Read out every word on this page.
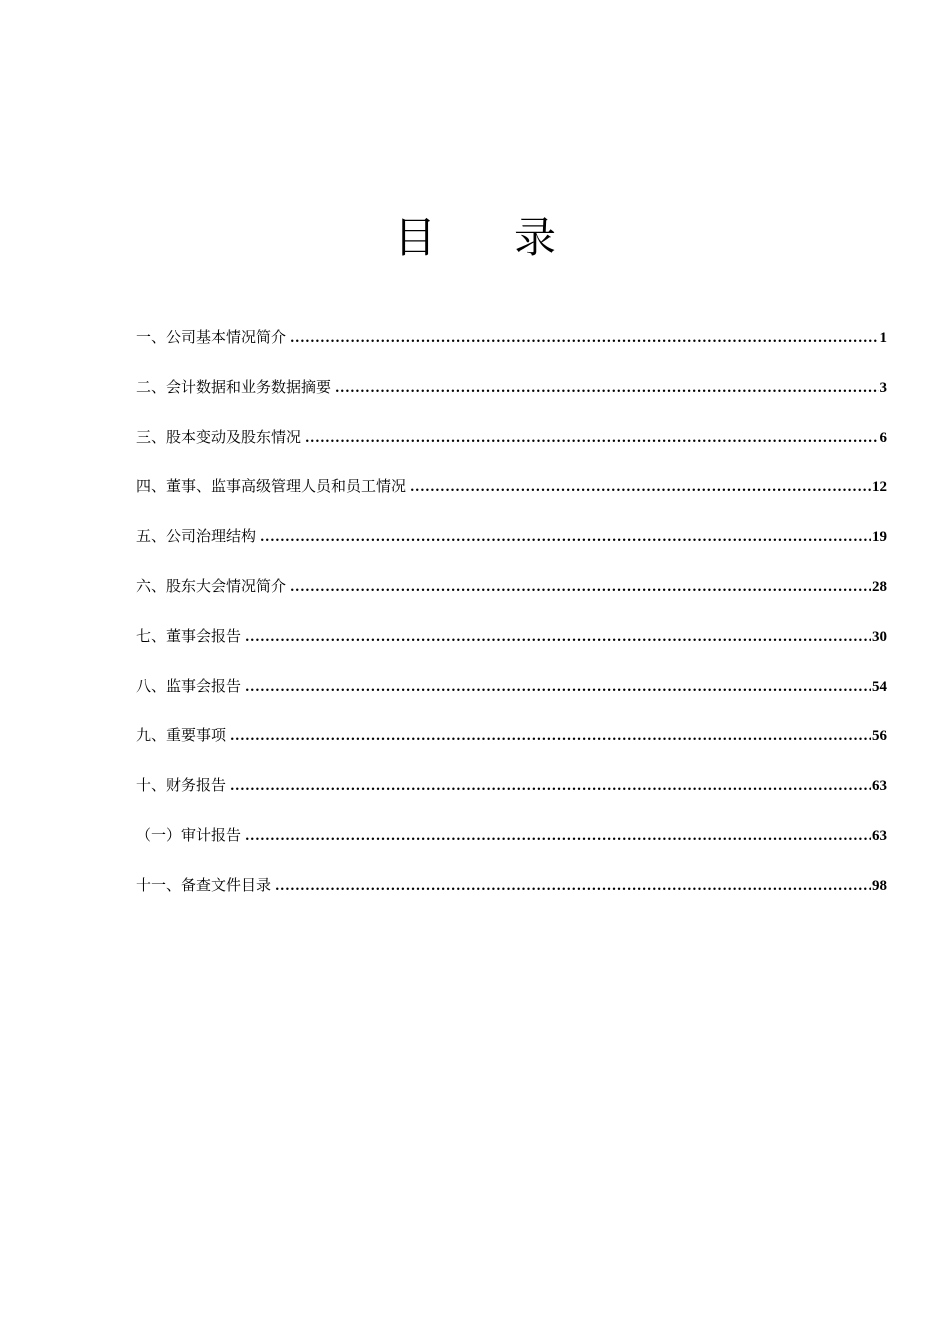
目 录
一、公司基本情况简介 .....	1
二、会计数据和业务数据摘要 .....	3
三、股本变动及股东情况 .....	6
四、董事、监事高级管理人员和员工情况 .....	12
五、公司治理结构 .....	19
六、股东大会情况简介 .....	28
七、董事会报告 .....	30
八、监事会报告 .....	54
九、重要事项 .....	56
十、财务报告 .....	63
（一）审计报告 .....	63
十一、备查文件目录 .....	98
